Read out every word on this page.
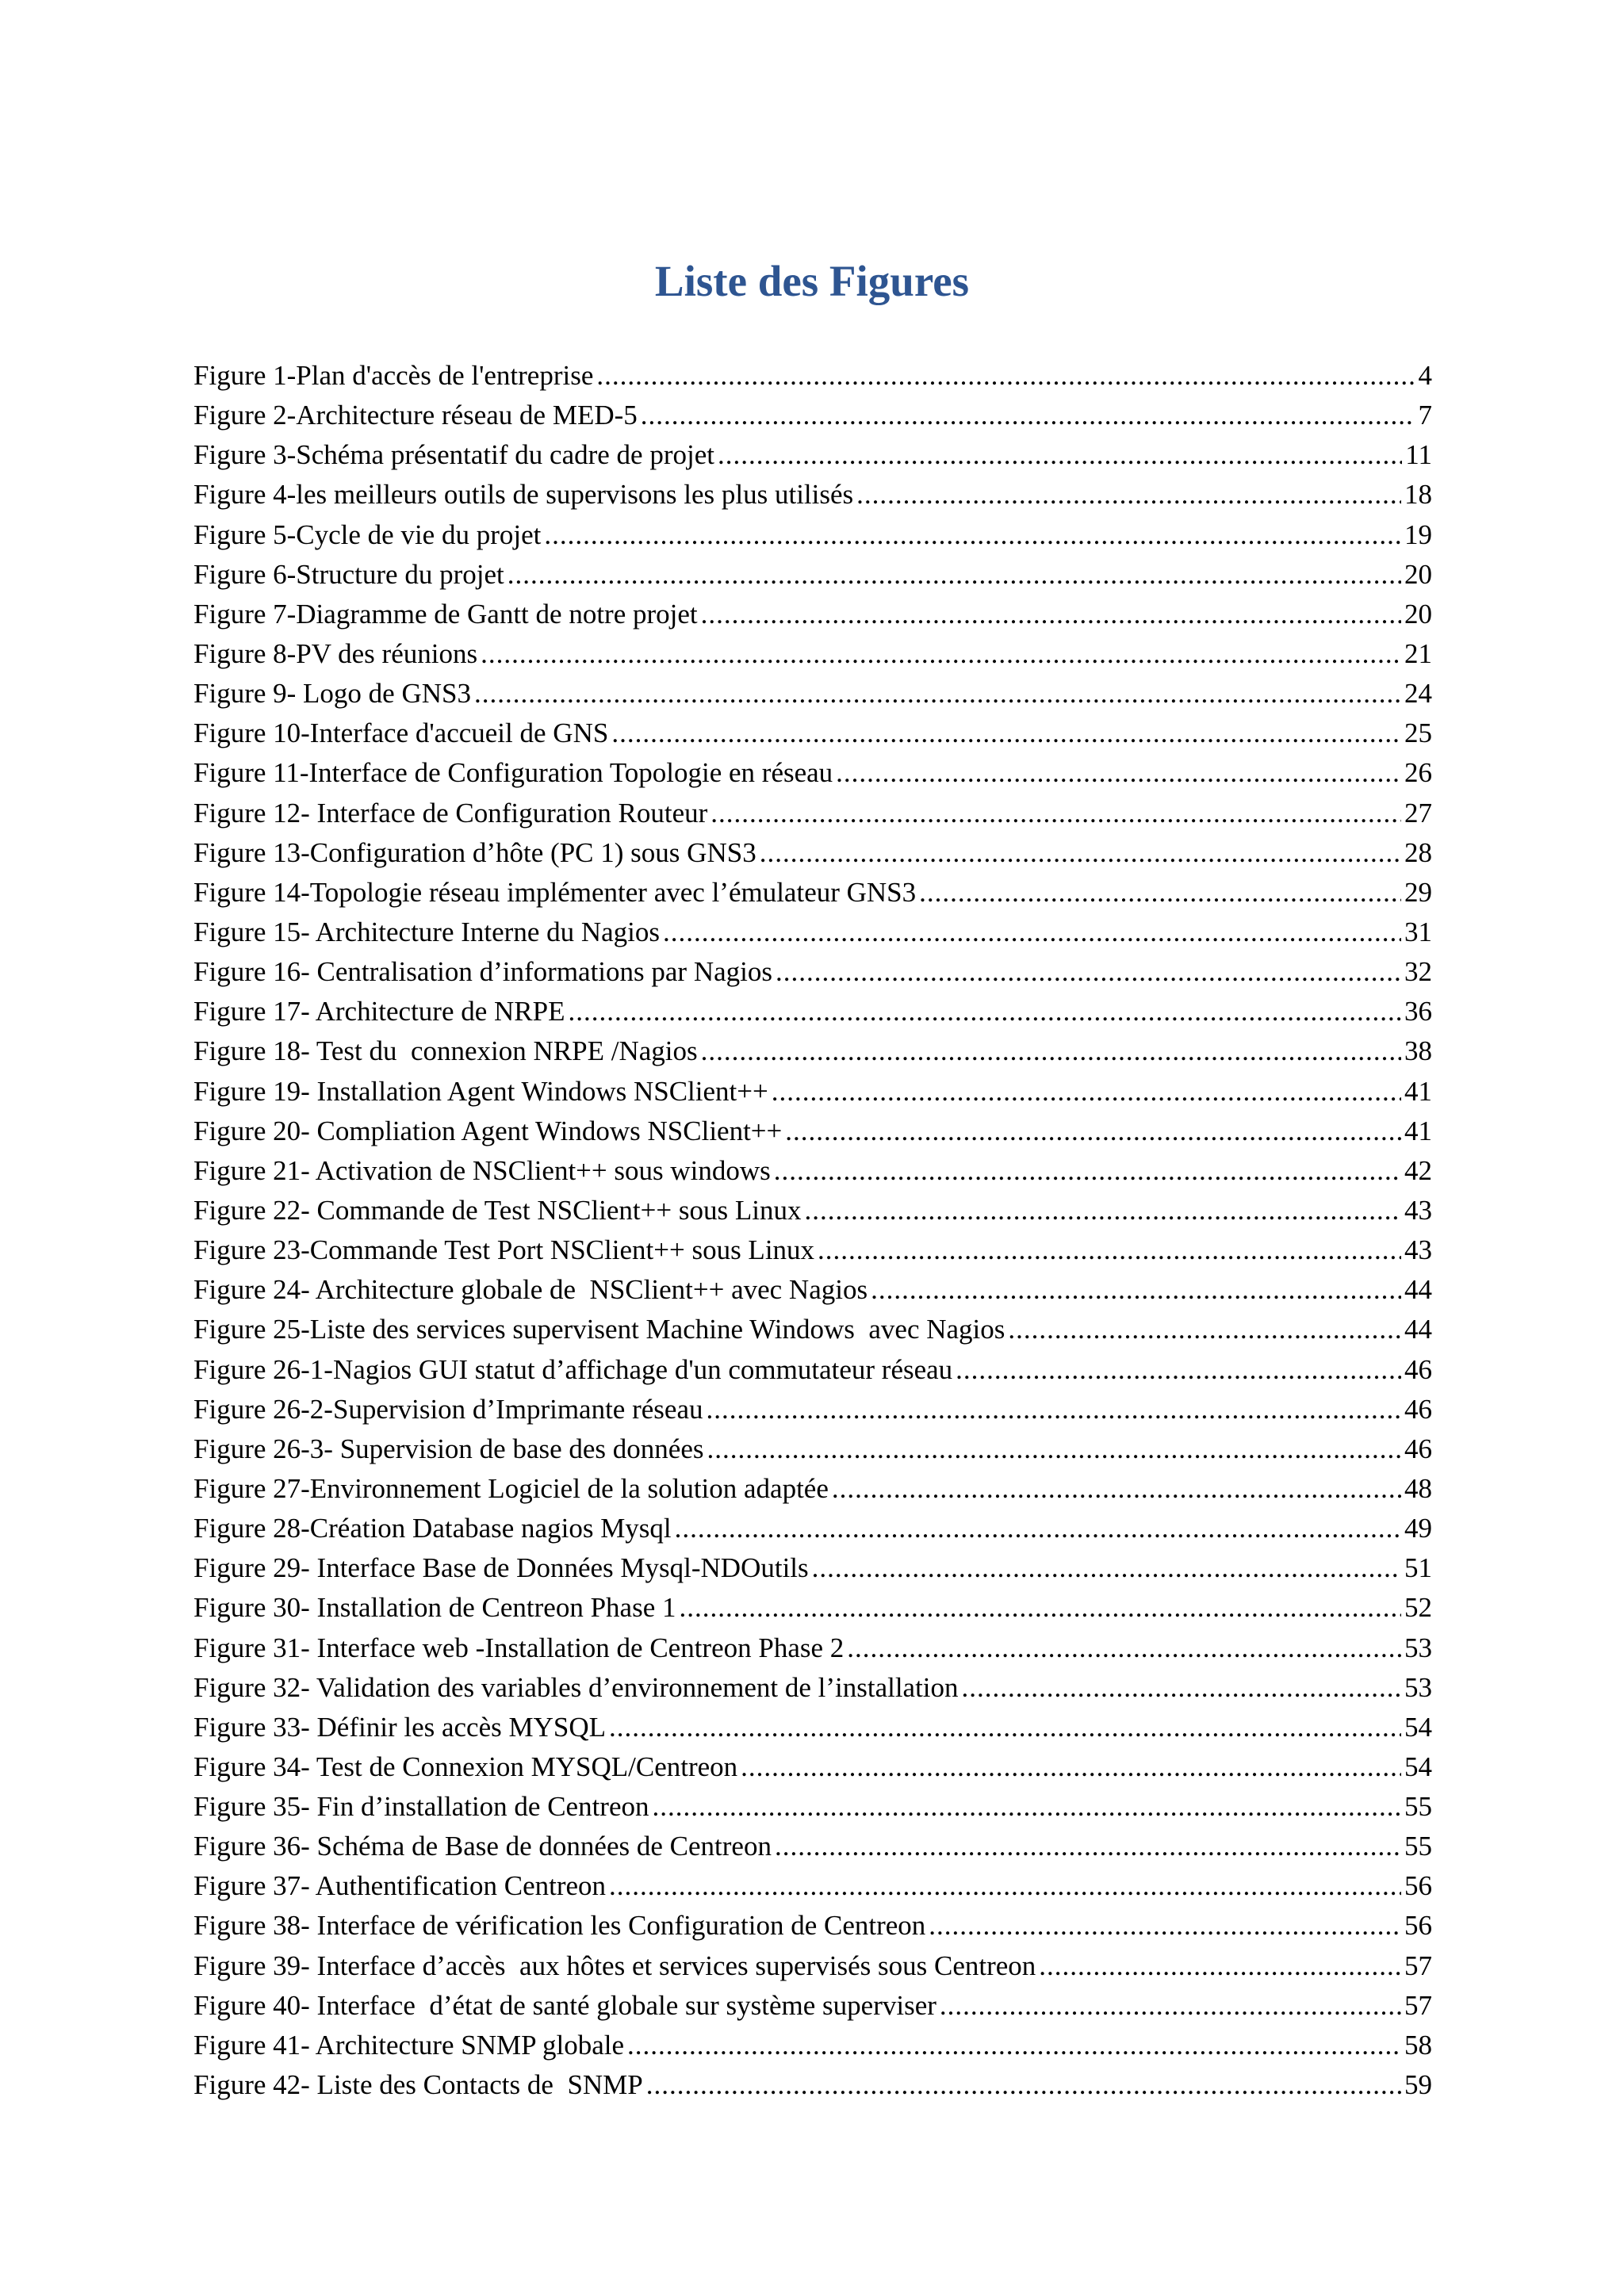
Liste des Figures
Figure 1-Plan d'accès de l'entreprise .....	4
Figure 2-Architecture réseau de MED-5 .....	7
Figure 3-Schéma présentatif du cadre de projet .....	11
Figure 4-les meilleurs outils de supervisons les plus utilisés .....	18
Figure 5-Cycle de vie du projet .....	19
Figure 6-Structure du projet .....	20
Figure 7-Diagramme de Gantt de notre projet .....	20
Figure 8-PV des réunions .....	21
Figure 9- Logo de GNS3 .....	24
Figure 10-Interface d'accueil de GNS .....	25
Figure 11-Interface de Configuration Topologie en réseau .....	26
Figure 12- Interface de Configuration Routeur .....	27
Figure 13-Configuration d’hôte (PC 1) sous GNS3 .....	28
Figure 14-Topologie réseau implémenter avec l’émulateur GNS3 .....	29
Figure 15- Architecture Interne du Nagios .....	31
Figure 16- Centralisation d’informations par Nagios .....	32
Figure 17- Architecture de NRPE .....	36
Figure 18- Test du  connexion NRPE /Nagios .....	38
Figure 19- Installation Agent Windows NSClient++ .....	41
Figure 20- Compliation Agent Windows NSClient++ .....	41
Figure 21- Activation de NSClient++ sous windows .....	42
Figure 22- Commande de Test NSClient++ sous Linux .....	43
Figure 23-Commande Test Port NSClient++ sous Linux .....	43
Figure 24- Architecture globale de  NSClient++ avec Nagios .....	44
Figure 25-Liste des services supervisent Machine Windows  avec Nagios .....	44
Figure 26-1-Nagios GUI statut d’affichage d'un commutateur réseau .....	46
Figure 26-2-Supervision d’Imprimante réseau .....	46
Figure 26-3- Supervision de base des données .....	46
Figure 27-Environnement Logiciel de la solution adaptée .....	48
Figure 28-Création Database nagios Mysql .....	49
Figure 29- Interface Base de Données Mysql-NDOutils .....	51
Figure 30- Installation de Centreon Phase 1 .....	52
Figure 31- Interface web -Installation de Centreon Phase 2 .....	53
Figure 32- Validation des variables d’environnement de l’installation .....	53
Figure 33- Définir les accès MYSQL .....	54
Figure 34- Test de Connexion MYSQL/Centreon .....	54
Figure 35- Fin d’installation de Centreon .....	55
Figure 36- Schéma de Base de données de Centreon .....	55
Figure 37- Authentification Centreon .....	56
Figure 38- Interface de vérification les Configuration de Centreon .....	56
Figure 39- Interface d’accès  aux hôtes et services supervisés sous Centreon .....	57
Figure 40- Interface  d’état de santé globale sur système superviser .....	57
Figure 41- Architecture SNMP globale .....	58
Figure 42- Liste des Contacts de  SNMP .....	59
